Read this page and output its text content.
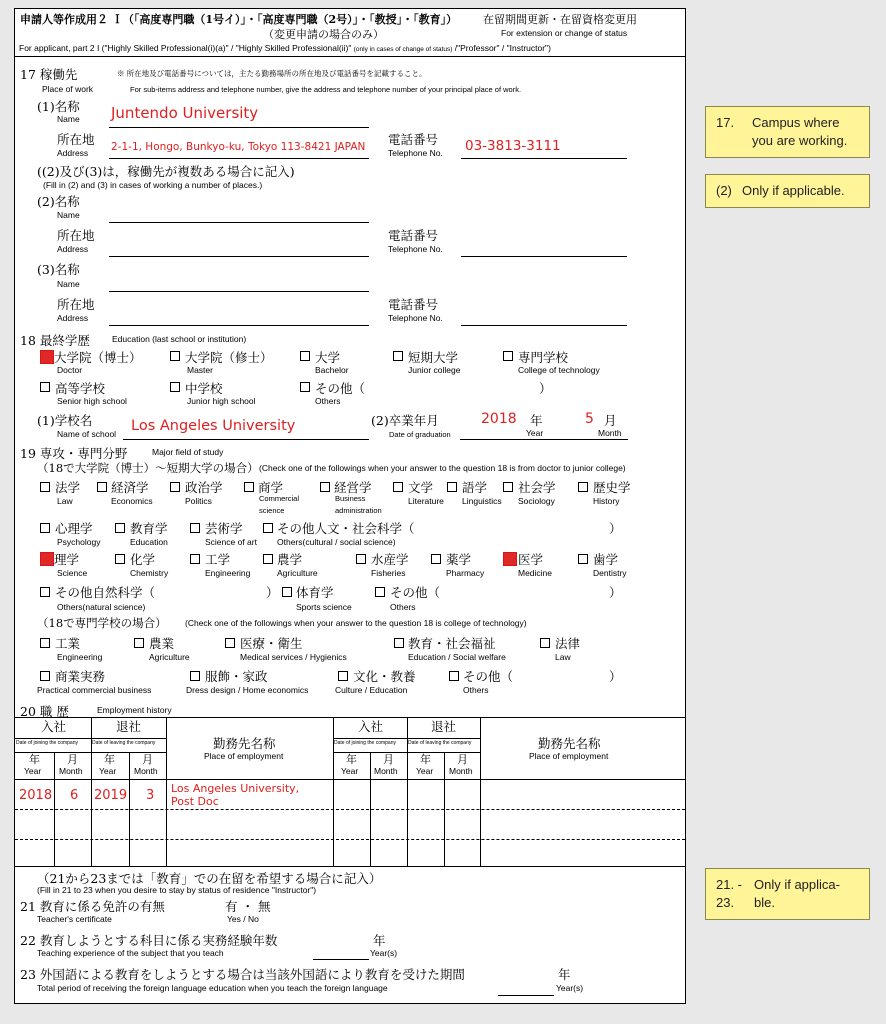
申請人等作成用２ Ｉ（「高度専門職（1号イ）」・「高度専門職（2号）」・「教授」・「教育」） 在留期間更新・在留資格変更用
（変更申請の場合のみ）	For extension or change of status
For applicant, part 2 I ("Highly Skilled Professional(i)(a)" / "Highly Skilled Professional(ii)" (only in cases of change of status) /"Professor" / "Instructor")
17 稼働先	※ 所在地及び電話番号については，主たる勤務場所の所在地及び電話番号を記載すること。
Place of work	For sub-items address and telephone number, give the address and telephone number of your principal place of work.
(1)名称
Name Juntendo University
所在地
Address 2-1-1, Hongo, Bunkyo-ku, Tokyo 113-8421 JAPAN 電話番号
Telephone No. 03-3813-3111
((2)及び(3)は，稼働先が複数ある場合に記入)
(Fill in (2) and (3) in cases of working a number of places.)
(2)名称
Name
所在地
Address
電話番号
Telephone No.
(3)名称
Name
所在地
Address
電話番号
Telephone No.
18 最終学歴	Education (last school or institution)
大学院（博士）
Doctor
大学院（修士）
Master
大学
Bachelor
短期大学
Junior college
専門学校
College of technology
高等学校
Senior high school
中学校
Junior high school
その他（
Others
）
(1)学校名
Name of school Los Angeles University	(2)卒業年月
Date of graduation
2018 年
Year
5 月
Month
19 専攻・専門分野	Major field of study
（18で大学院（博士）～短期大学の場合） (Check one of the followings when your answer to the question 18 is from doctor to junior college)
法学
Law
経済学
Economics
政治学
Politics
商学
Commercial
science
経営学
Business
administration
文学
Literature
語学
Linguistics
社会学
Sociology
歴史学
History
心理学
Psychology
教育学
Education
芸術学
Science of art
その他人文・社会科学（
Others(cultural / social science)
）
理学
Science
化学
Chemistry
工学
Engineering
農学
Agriculture
水産学
Fisheries
薬学
Pharmacy
医学
Medicine
歯学
Dentistry
その他自然科学（
Others(natural science)
） 体育学
Sports science
その他（
Others
）
（18で専門学校の場合） (Check one of the followings when your answer to the question 18 is college of technology)
工業
Engineering
農業
Agriculture
医療・衛生
Medical services / Hygienics
教育・社会福祉
Education / Social welfare
法律
Law
商業実務
Practical commercial business
服飾・家政
Dress design / Home economics
文化・教養
Culture / Education
その他（
Others
）
20 職 歴	Employment history
入社	退社
Date of joining the company	Date of leaving the company
年 月 年 月
Year Month Year Month
勤務先名称
Place of employment
入社	退社
Date of joining the company Date of leaving the company
年 月 年 月
Year Month Year Month
勤務先名称
Place of employment
2018 6 2019 3 Los Angeles University,
Post Doc
（21から23までは「教育」での在留を希望する場合に記入）
(Fill in 21 to 23 when you desire to stay by status of residence "Instructor")
21 教育に係る免許の有無	有 ・ 無
Teacher's certificate	Yes / No
22 教育しようとする科目に係る実務経験年数
Teaching experience of the subject that you teach
年
Year(s)
23 外国語による教育をしようとする場合は当該外国語により教育を受けた期間
Total period of receiving the foreign language education when you teach the foreign language
年
Year(s)
17. Campus where
you are working.
(2) Only if applicable.
21. -
23.
Only if applica-
ble.
